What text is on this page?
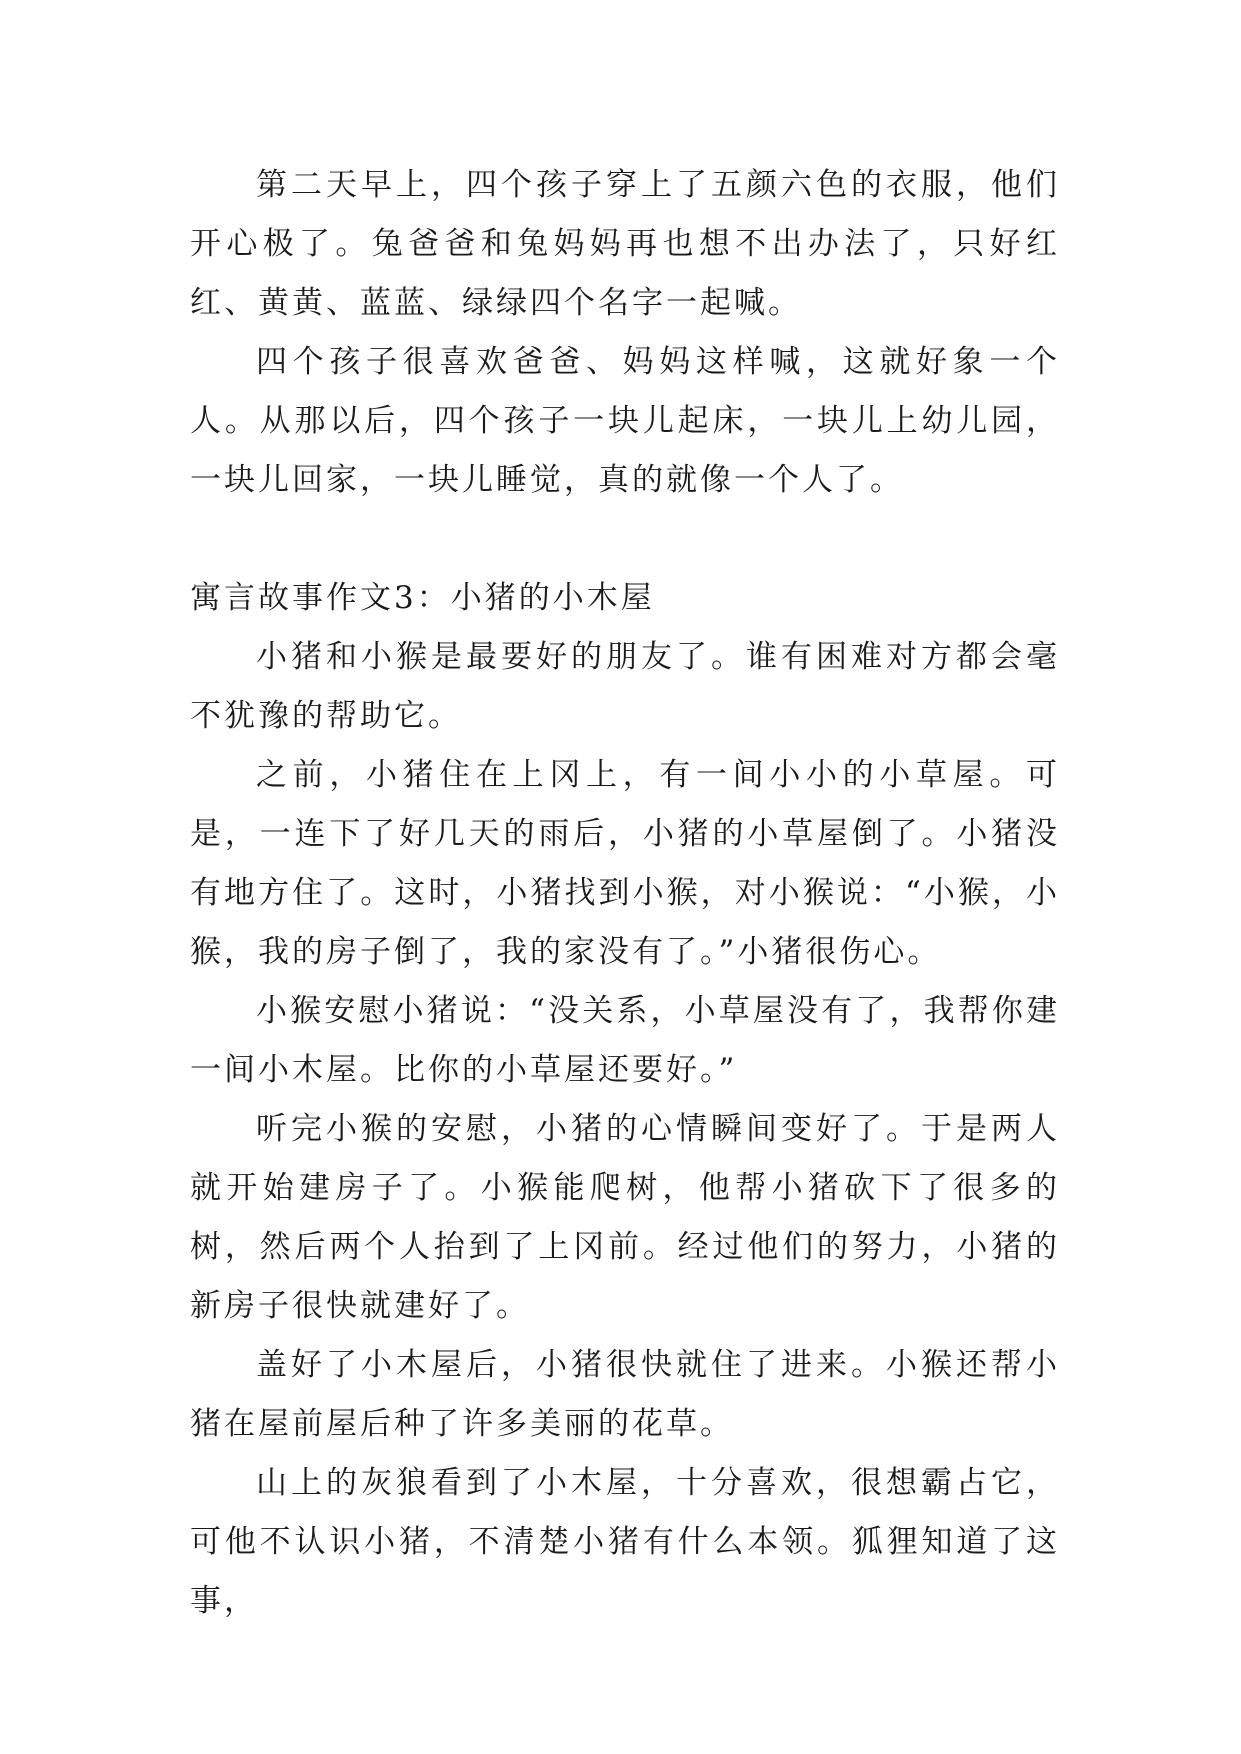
第二天早上，四个孩子穿上了五颜六色的衣服，他们开心极了。兔爸爸和兔妈妈再也想不出办法了，只好红红、黄黄、蓝蓝、绿绿四个名字一起喊。

四个孩子很喜欢爸爸、妈妈这样喊，这就好象一个人。从那以后，四个孩子一块儿起床，一块儿上幼儿园，一块儿回家，一块儿睡觉，真的就像一个人了。

寓言故事作文3：小猪的小木屋

小猪和小猴是最要好的朋友了。谁有困难对方都会毫不犹豫的帮助它。

之前，小猪住在上冈上，有一间小小的小草屋。可是，一连下了好几天的雨后，小猪的小草屋倒了。小猪没有地方住了。这时，小猪找到小猴，对小猴说：“小猴，小猴，我的房子倒了，我的家没有了。”小猪很伤心。

小猴安慰小猪说：“没关系，小草屋没有了，我帮你建一间小木屋。比你的小草屋还要好。”

听完小猴的安慰，小猪的心情瞬间变好了。于是两人就开始建房子了。小猴能爬树，他帮小猪砍下了很多的树，然后两个人抬到了上冈前。经过他们的努力，小猪的新房子很快就建好了。

盖好了小木屋后，小猪很快就住了进来。小猴还帮小猪在屋前屋后种了许多美丽的花草。

山上的灰狼看到了小木屋，十分喜欢，很想霸占它，可他不认识小猪，不清楚小猪有什么本领。狐狸知道了这事，
